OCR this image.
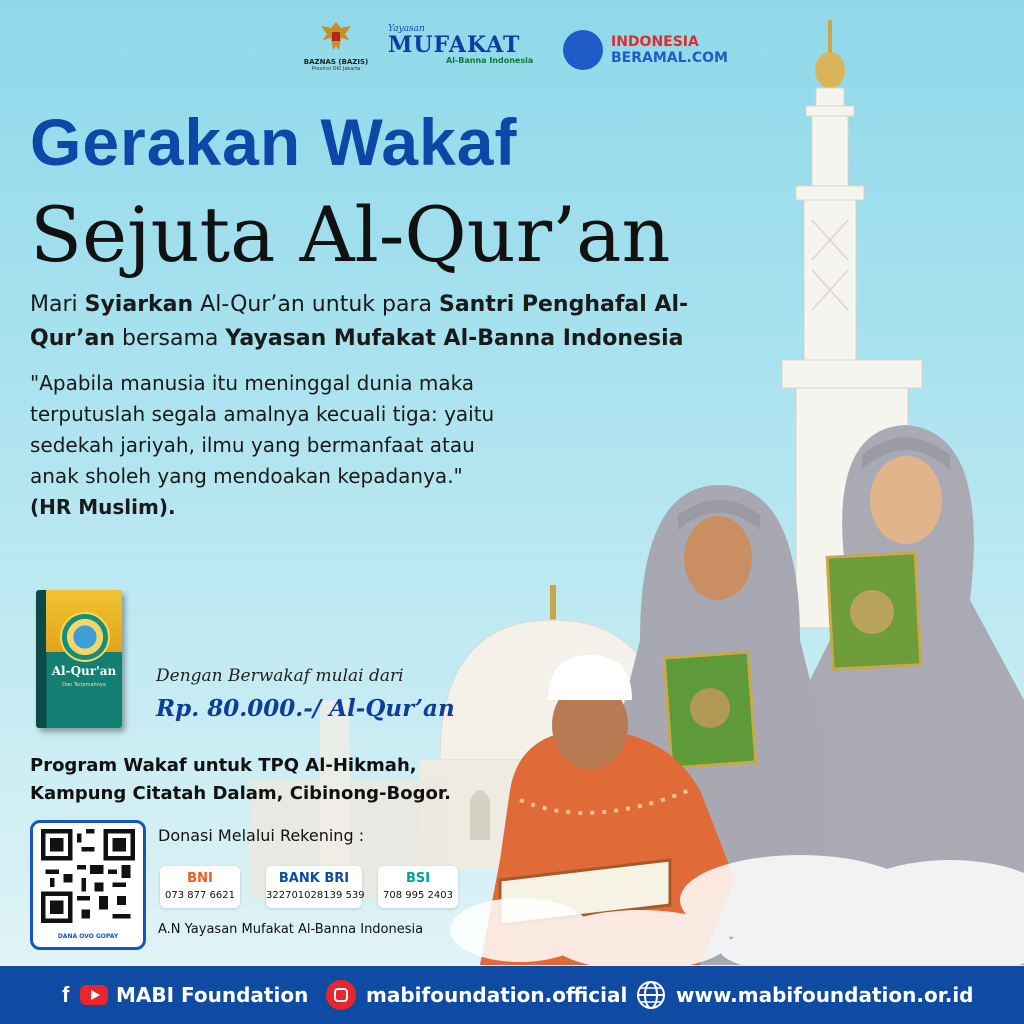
BAZNAS (BAZIS)
Provinsi DKI Jakarta
Yayasan
MUFAKAT
Al-Banna Indonesia
INDONESIA
BERAMAL.COM
Gerakan Wakaf
Sejuta Al-Qur’an
Mari Syiarkan Al-Qur’an untuk para Santri Penghafal Al-Qur’an bersama Yayasan Mufakat Al-Banna Indonesia
"Apabila manusia itu meninggal dunia maka terputuslah segala amalnya kecuali tiga: yaitu sedekah jariyah, ilmu yang bermanfaat atau anak sholeh yang mendoakan kepadanya."
(HR Muslim).
Al-Qur'an
Dan Terjemahnya	Dengan Berwakaf mulai dari
Rp. 80.000.-/ Al-Qur’an
Program Wakaf untuk TPQ Al-Hikmah,
Kampung Citatah Dalam, Cibinong-Bogor.
DANA OVO GOPAY
Donasi Melalui Rekening :
BNI
073 877 6621
BANK BRI
322701028139 539
BSI
708 995 2403
A.N Yayasan Mufakat Al-Banna Indonesia
f	MABI Foundation	mabifoundation.official www.mabifoundation.or.id
